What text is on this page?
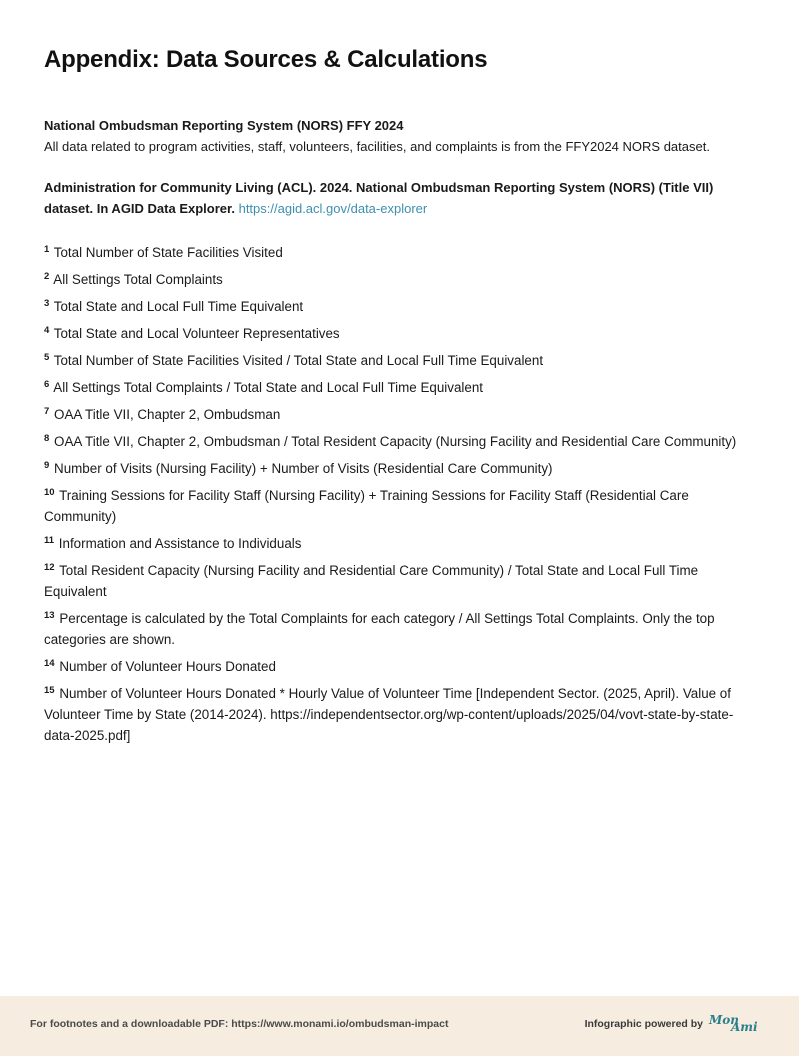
Appendix: Data Sources & Calculations
National Ombudsman Reporting System (NORS) FFY 2024
All data related to program activities, staff, volunteers, facilities, and complaints is from the FFY2024 NORS dataset.
Administration for Community Living (ACL). 2024. National Ombudsman Reporting System (NORS) (Title VII) dataset. In AGID Data Explorer. https://agid.acl.gov/data-explorer
$^1$ Total Number of State Facilities Visited
$^2$ All Settings Total Complaints
$^3$ Total State and Local Full Time Equivalent
$^4$ Total State and Local Volunteer Representatives
$^5$ Total Number of State Facilities Visited / Total State and Local Full Time Equivalent
$^6$ All Settings Total Complaints / Total State and Local Full Time Equivalent
$^7$ OAA Title VII, Chapter 2, Ombudsman
$^8$ OAA Title VII, Chapter 2, Ombudsman / Total Resident Capacity (Nursing Facility and Residential Care Community)
$^9$ Number of Visits (Nursing Facility) + Number of Visits (Residential Care Community)
$^{10}$ Training Sessions for Facility Staff (Nursing Facility) + Training Sessions for Facility Staff (Residential Care Community)
$^{11}$ Information and Assistance to Individuals
$^{12}$ Total Resident Capacity (Nursing Facility and Residential Care Community) / Total State and Local Full Time Equivalent
$^{13}$ Percentage is calculated by the Total Complaints for each category / All Settings Total Complaints. Only the top categories are shown.
$^{14}$ Number of Volunteer Hours Donated
$^{15}$ Number of Volunteer Hours Donated * Hourly Value of Volunteer Time [Independent Sector. (2025, April). Value of Volunteer Time by State (2014-2024). https://independentsector.org/wp-content/uploads/2025/04/vovt-state-by-state-data-2025.pdf]
For footnotes and a downloadable PDF: https://www.monami.io/ombudsman-impact	Infographic powered by Mon
Ami
